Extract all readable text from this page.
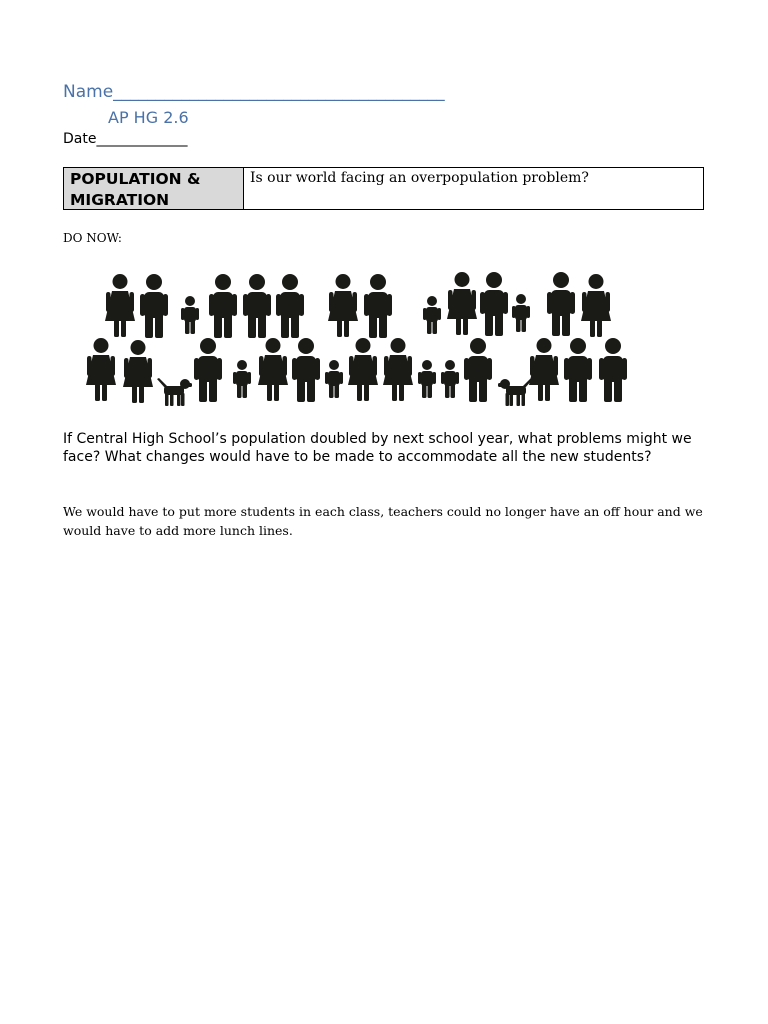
Name_______________________________________
AP HG 2.6
Date_____________
POPULATION & MIGRATION
Is our world facing an overpopulation problem?
DO NOW:
If Central High School’s population doubled by next school year, what problems might we face? What changes would have to be made to accommodate all the new students?
We would have to put more students in each class, teachers could no longer have an off hour and we would have to add more lunch lines.
